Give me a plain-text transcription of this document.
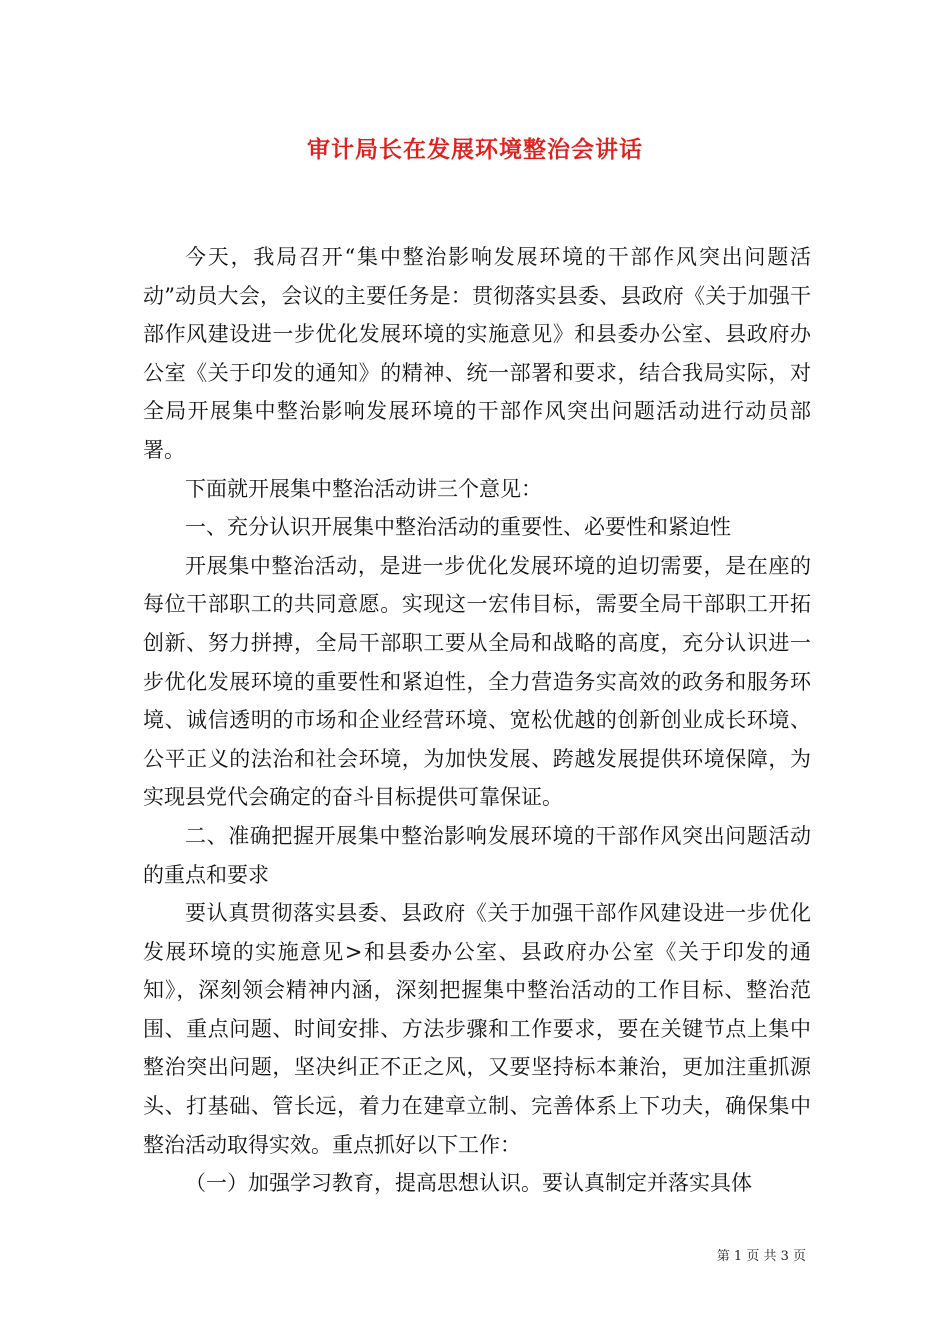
审计局长在发展环境整治会讲话

今天，我局召开“集中整治影响发展环境的干部作风突出问题活动”动员大会，会议的主要任务是：贯彻落实县委、县政府《关于加强干部作风建设进一步优化发展环境的实施意见》和县委办公室、县政府办公室《关于印发的通知》的精神、统一部署和要求，结合我局实际，对全局开展集中整治影响发展环境的干部作风突出问题活动进行动员部署。

下面就开展集中整治活动讲三个意见：

一、充分认识开展集中整治活动的重要性、必要性和紧迫性

开展集中整治活动，是进一步优化发展环境的迫切需要，是在座的每位干部职工的共同意愿。实现这一宏伟目标，需要全局干部职工开拓创新、努力拼搏，全局干部职工要从全局和战略的高度，充分认识进一步优化发展环境的重要性和紧迫性，全力营造务实高效的政务和服务环境、诚信透明的市场和企业经营环境、宽松优越的创新创业成长环境、公平正义的法治和社会环境，为加快发展、跨越发展提供环境保障，为实现县党代会确定的奋斗目标提供可靠保证。

二、准确把握开展集中整治影响发展环境的干部作风突出问题活动的重点和要求

要认真贯彻落实县委、县政府《关于加强干部作风建设进一步优化发展环境的实施意见>和县委办公室、县政府办公室《关于印发的通知》，深刻领会精神内涵，深刻把握集中整治活动的工作目标、整治范围、重点问题、时间安排、方法步骤和工作要求，要在关键节点上集中整治突出问题，坚决纠正不正之风，又要坚持标本兼治，更加注重抓源头、打基础、管长远，着力在建章立制、完善体系上下功夫，确保集中整治活动取得实效。重点抓好以下工作：

（一）加强学习教育，提高思想认识。要认真制定并落实具体

第 1 页 共 3 页
